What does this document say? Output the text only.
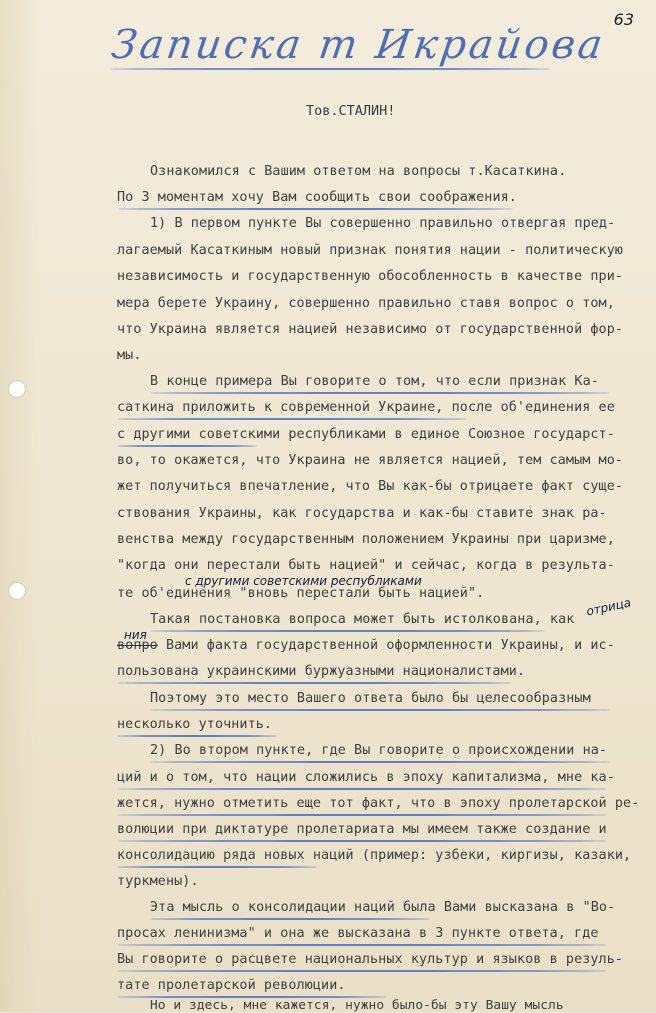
63
Записка т Икрайова
Тов.СТАЛИН!
Ознакомился с Вашим ответом на вопросы т.Касаткина.
По 3 моментам хочу Вам сообщить свои соображения.
1) В первом пункте Вы совершенно правильно отвергая пред-
лагаемый Касаткиным новый признак понятия нации - политическую
независимость и государственную обособленность в качестве при-
мера берете Украину, совершенно правильно ставя вопрос о том,
что Украина является нацией независимо от государственной фор-
мы.
В конце примера Вы говорите о том, что если признак Ка-
саткина приложить к современной Украине, после об'единения ее
с другими советскими республиками в единое Союзное государст-
во, то окажется, что Украина не является нацией, тем самым мо-
жет получиться впечатление, что Вы как-бы отрицаете факт суще-
ствования Украины, как государства и как-бы ставите знак ра-
венства между государственным положением Украины при царизме,
"когда они перестали быть нацией" и сейчас, когда в результа-
с другими советскими республиками
те об'единения "вновь перестали быть нацией".
Такая постановка вопроса может быть истолкована, как
отрица
ния
вопро Вами факта государственной оформленности Украины, и ис-
пользована украинскими буржуазными националистами.
Поэтому это место Вашего ответа было бы целесообразным
несколько уточнить.
2) Во втором пункте, где Вы говорите о происхождении на-
ций и о том, что нации сложились в эпоху капитализма, мне ка-
жется, нужно отметить еще тот факт, что в эпоху пролетарской ре-
волюции при диктатуре пролетариата мы имеем также создание и
консолидацию ряда новых наций (пример: узбеки, киргизы, казаки,
туркмены).
Эта мысль о консолидации наций была Вами высказана в "Во-
просах ленинизма" и она же высказана в 3 пункте ответа, где
Вы говорите о расцвете национальных культур и языков в резуль-
тате пролетарской революции.
Но и здесь, мне кажется, нужно было-бы эту Вашу мысль
